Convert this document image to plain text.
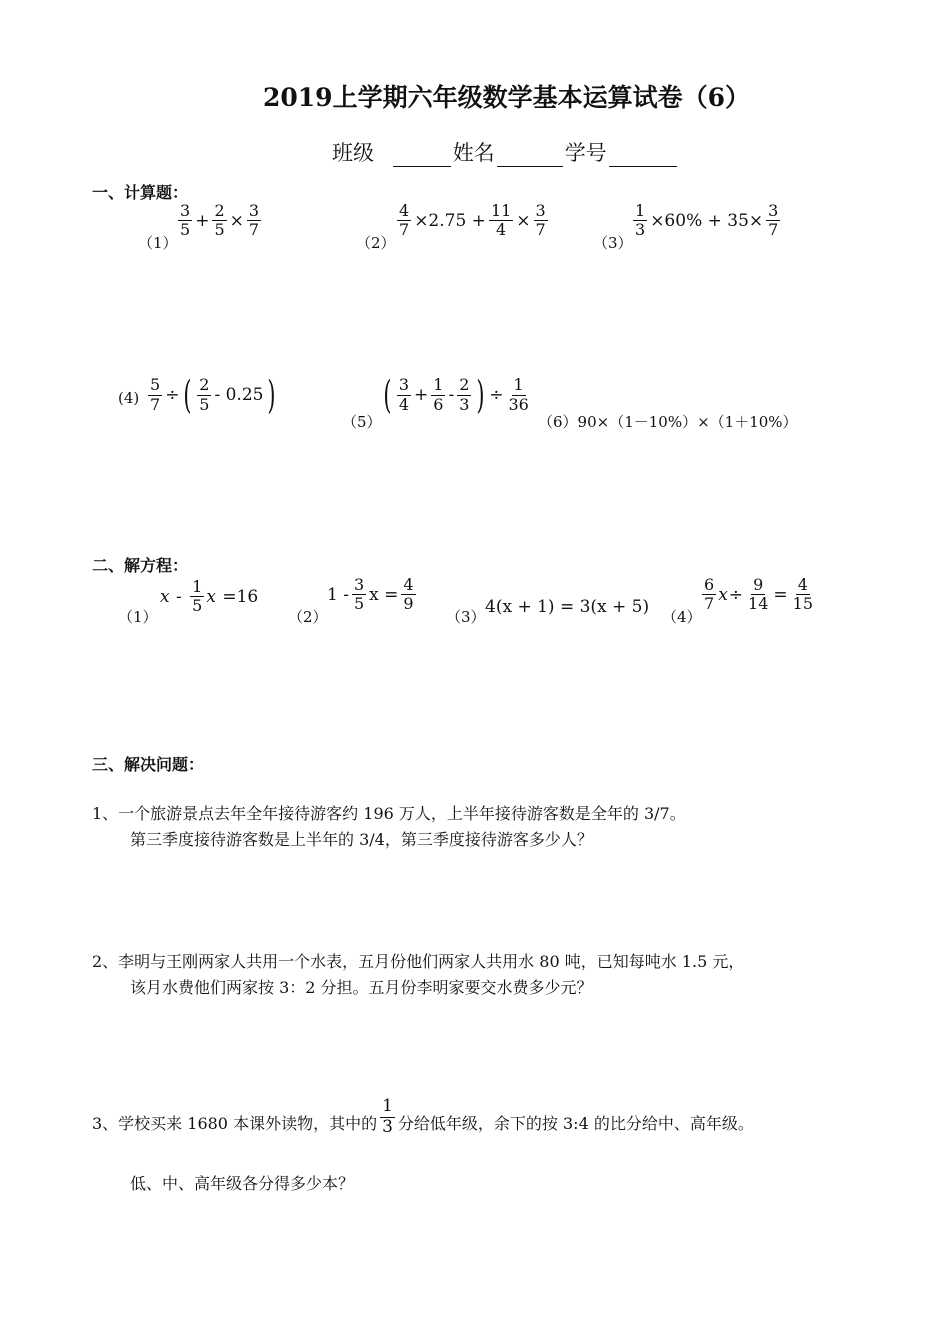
2019上学期六年级数学基本运算试卷（6）
班级	姓名	学号
一、计算题：
（1）
$\frac{3}{5} + \frac{2}{5} \times \frac{3}{7}$
（2）
$\frac{4}{7} \times 2.75 + \frac{11}{4} \times \frac{3}{7}$
（3）
$\frac{1}{3} \times 60\% + 35\times \frac{3}{7}$
$(4) \frac{5}{7}$ ÷ ( $\frac{2}{5} - 0.25$ )
（5）
( $\frac{3}{4} + \frac{1}{6} - \frac{2}{3}$ ) ÷ $\frac{1}{36}$
（6）90×（1－10%）×（1＋10%）
二、解方程：
（1）
x - $\frac{1}{5}$ x =16
（2）
$1 - \frac{3}{5}$ $x = \frac{4}{9}$
（3） 4(x + 1) = 3(x + 5) （4）
$\frac{6}{7}$ $x \div \frac{9}{14} = \frac{4}{15}$
三、解决问题：
1、一个旅游景点去年全年接待游客约 196 万人，上半年接待游客数是全年的 3/7。
第三季度接待游客数是上半年的 3/4，第三季度接待游客多少人？
2、李明与王刚两家人共用一个水表，五月份他们两家人共用水 80 吨，已知每吨水 1.5 元，
该月水费他们两家按 3：2 分担。五月份李明家要交水费多少元？
3、学校买来 1680 本课外读物，其中的 $\frac{1}{3}$ 分给低年级，余下的按 3:4 的比分给中、高年级。
低、中、高年级各分得多少本？
